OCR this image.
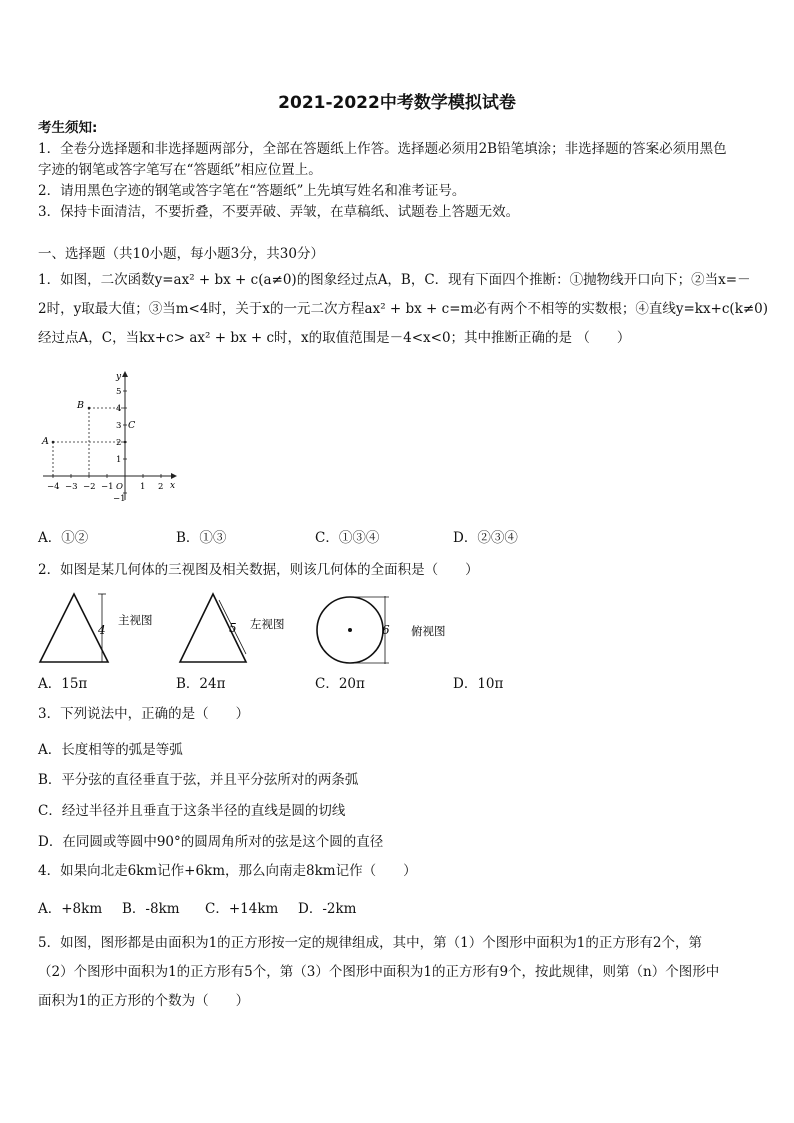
2021-2022中考数学模拟试卷
考生须知:
1．全卷分选择题和非选择题两部分，全部在答题纸上作答。选择题必须用2B铅笔填涂；非选择题的答案必须用黑色
字迹的钢笔或答字笔写在“答题纸”相应位置上。
2．请用黑色字迹的钢笔或答字笔在“答题纸”上先填写姓名和准考证号。
3．保持卡面清洁，不要折叠，不要弄破、弄皱，在草稿纸、试题卷上答题无效。
一、选择题（共10小题，每小题3分，共30分）
1．如图，二次函数y=ax² + bx + c(a≠0)的图象经过点A，B，C．现有下面四个推断：①抛物线开口向下；②当x=－
2时，y取最大值；③当m<4时，关于x的一元二次方程ax² + bx + c=m必有两个不相等的实数根；④直线y=kx+c(k≠0)
经过点A，C，当kx+c> ax² + bx + c时，x的取值范围是－4<x<0；其中推断正确的是 （　　）
x
y
−4 −3 −2 −1 O 1 2
5
4
3
2
1
−1
A
B
C
A．①②	B．①③	C．①③④	D．②③④
2．如图是某几何体的三视图及相关数据，则该几何体的全面积是（　　）
4
主视图
5 左视图	6 俯视图
A．15π	B．24π	C．20π	D．10π
3．下列说法中，正确的是（　　）
A．长度相等的弧是等弧
B．平分弦的直径垂直于弦，并且平分弦所对的两条弧
C．经过半径并且垂直于这条半径的直线是圆的切线
D．在同圆或等圆中90°的圆周角所对的弦是这个圆的直径
4．如果向北走6km记作+6km，那么向南走8km记作（　　）
A．+8km B．-8km C．+14km D．-2km
5．如图，图形都是由面积为1的正方形按一定的规律组成，其中，第（1）个图形中面积为1的正方形有2个，第
（2）个图形中面积为1的正方形有5个，第（3）个图形中面积为1的正方形有9个，按此规律，则第（n）个图形中
面积为1的正方形的个数为（　　）
